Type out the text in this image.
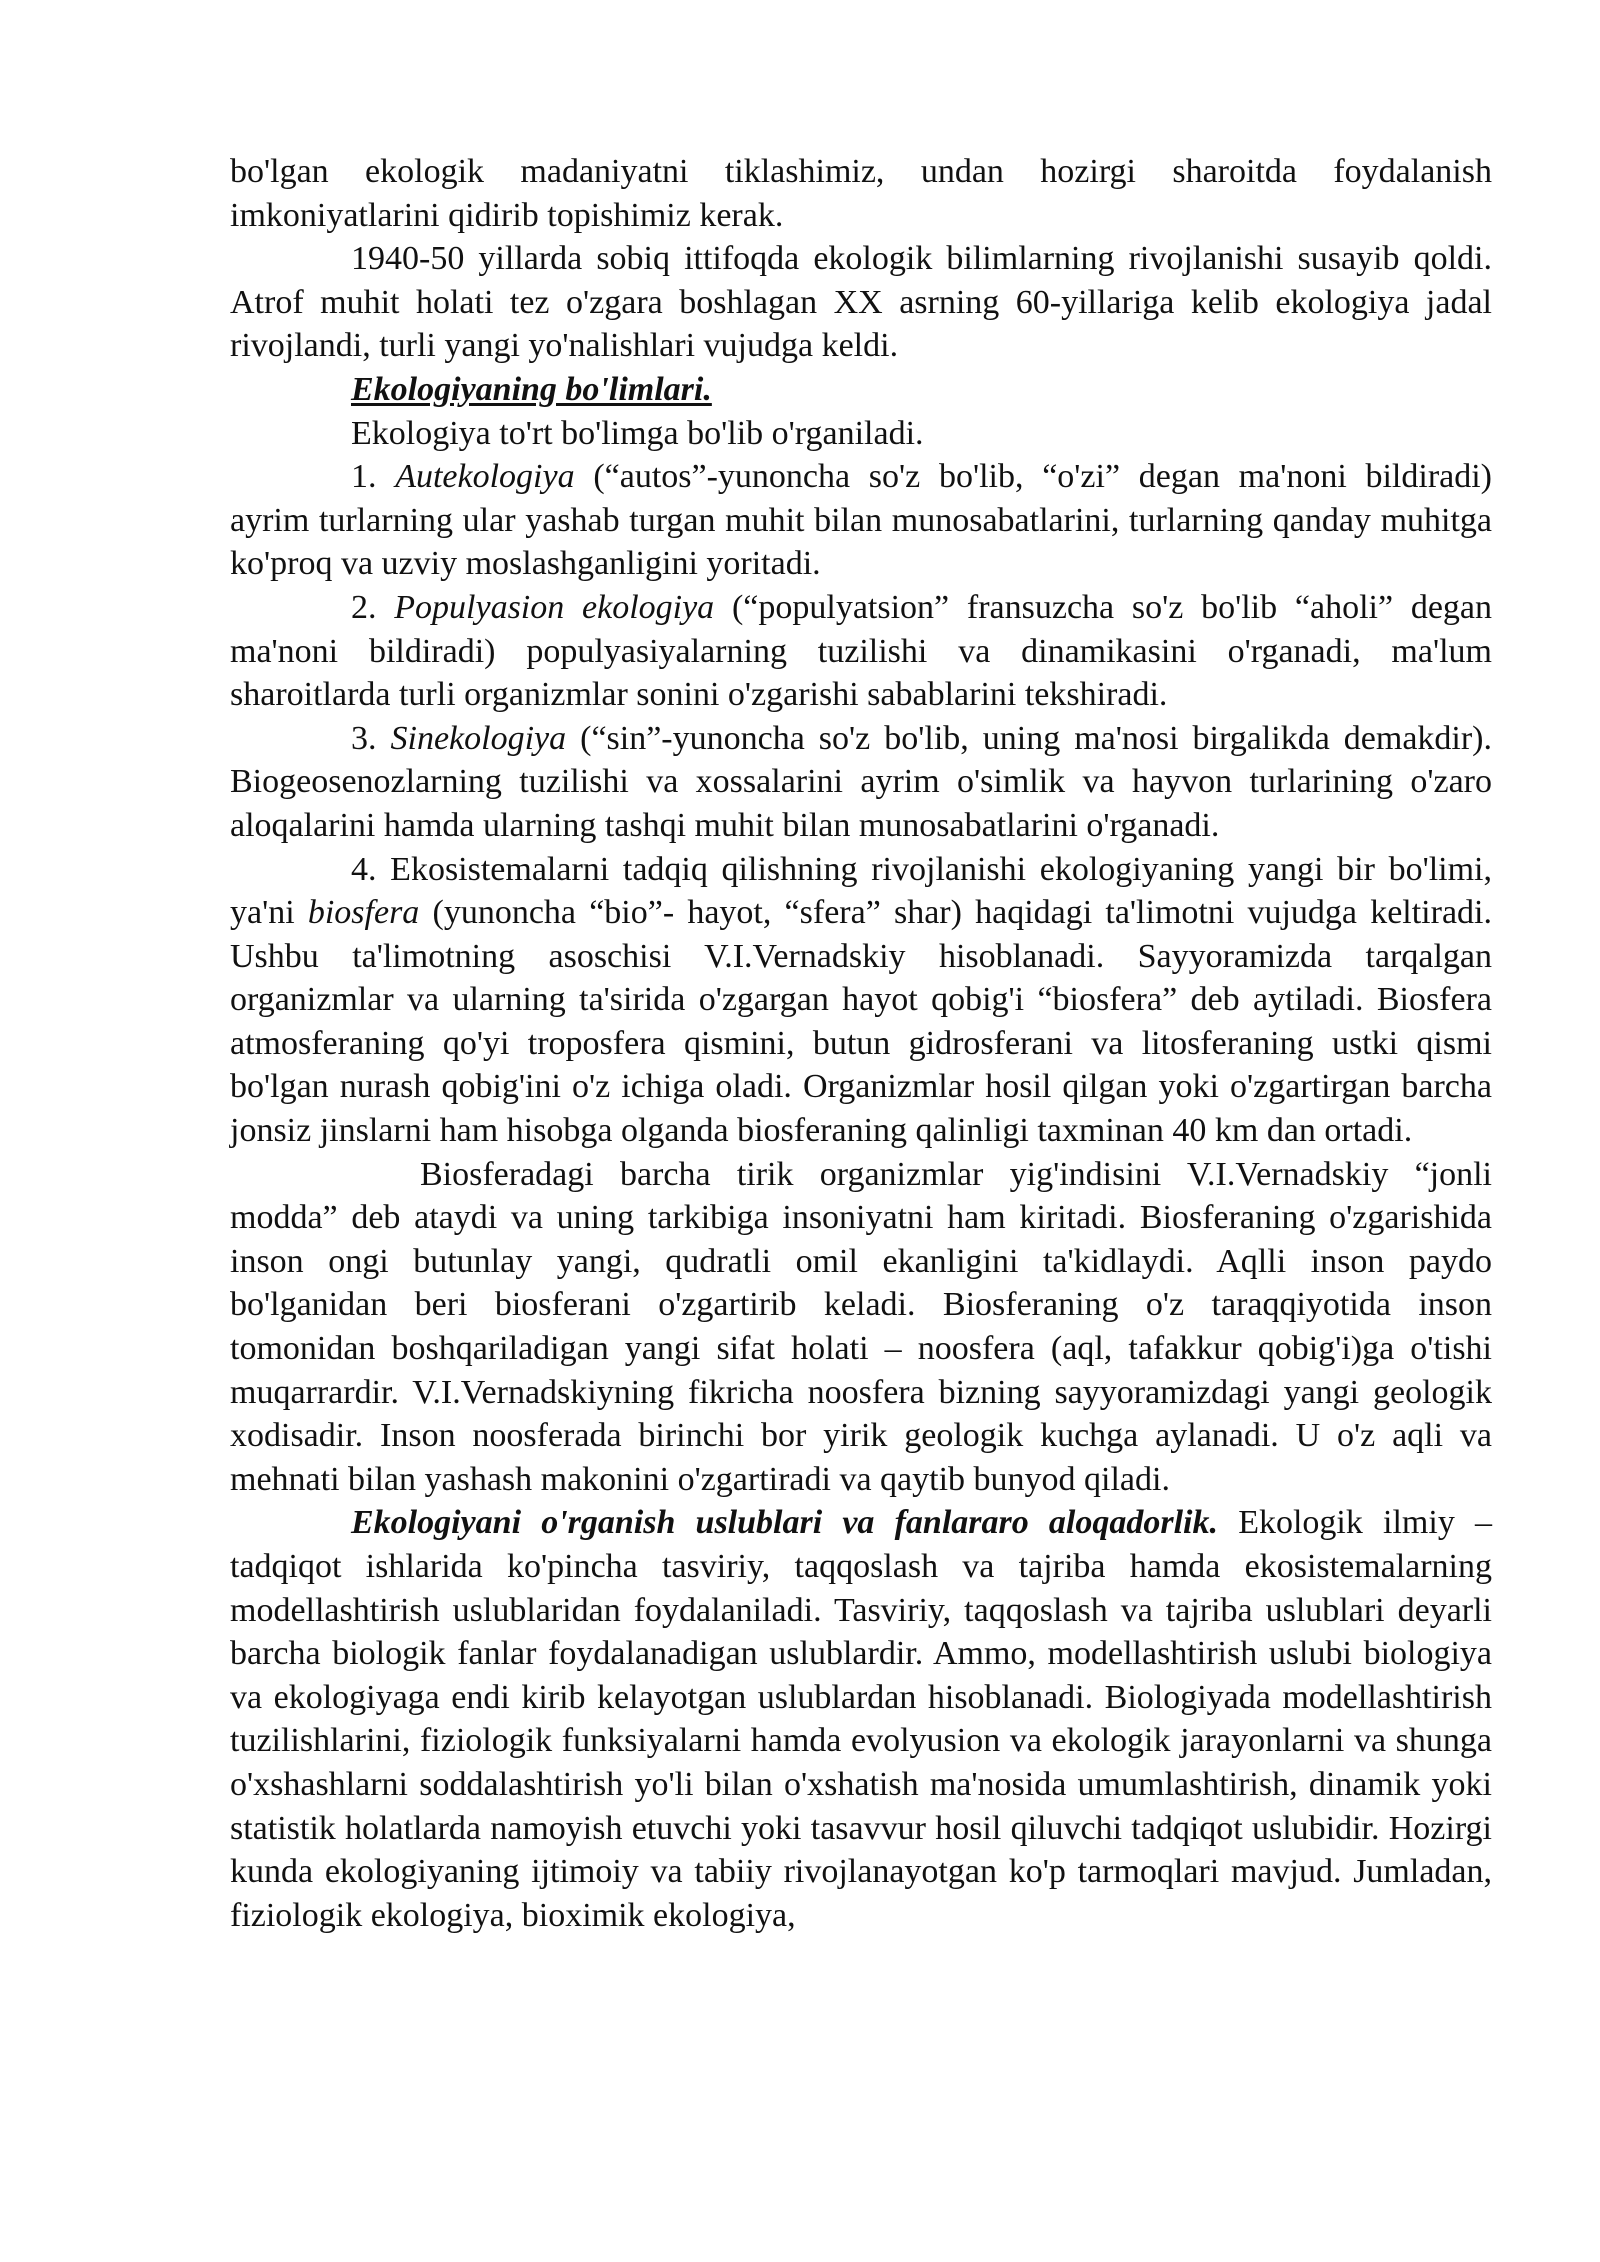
bo'lgan ekologik madaniyatni tiklashimiz, undan hozirgi sharoitda foydalanish imkoniyatlarini qidirib topishimiz kerak.

1940-50 yillarda sobiq ittifoqda ekologik bilimlarning rivojlanishi susayib qoldi. Atrof muhit holati tez o'zgara boshlagan XX asrning 60-yillariga kelib ekologiya jadal rivojlandi, turli yangi yo'nalishlari vujudga keldi.

Ekologiyaning bo'limlari.

Ekologiya to'rt bo'limga bo'lib o'rganiladi.

1. Autekologiya (“autos”-yunoncha so'z bo'lib, “o'zi” degan ma'noni bildiradi) ayrim turlarning ular yashab turgan muhit bilan munosabatlarini, turlarning qanday muhitga ko'proq va uzviy moslashganligini yoritadi.

2. Populyasion ekologiya (“populyatsion” fransuzcha so'z bo'lib “aholi” degan ma'noni bildiradi) populyasiyalarning tuzilishi va dinamikasini o'rganadi, ma'lum sharoitlarda turli organizmlar sonini o'zgarishi sabablarini tekshiradi.

3. Sinekologiya (“sin”-yunoncha so'z bo'lib, uning ma'nosi birgalikda demakdir). Biogeosenozlarning tuzilishi va xossalarini ayrim o'simlik va hayvon turlarining o'zaro aloqalarini hamda ularning tashqi muhit bilan munosabatlarini o'rganadi.

4. Ekosistemalarni tadqiq qilishning rivojlanishi ekologiyaning yangi bir bo'limi, ya'ni biosfera (yunoncha “bio”- hayot, “sfera” shar) haqidagi ta'limotni vujudga keltiradi. Ushbu ta'limotning asoschisi V.I.Vernadskiy hisoblanadi. Sayyoramizda tarqalgan organizmlar va ularning ta'sirida o'zgargan hayot qobig'i “biosfera” deb aytiladi. Biosfera atmosferaning qo'yi troposfera qismini, butun gidrosferani va litosferaning ustki qismi bo'lgan nurash qobig'ini o'z ichiga oladi. Organizmlar hosil qilgan yoki o'zgartirgan barcha jonsiz jinslarni ham hisobga olganda biosferaning qalinligi taxminan 40 km dan ortadi.

Biosferadagi barcha tirik organizmlar yig'indisini V.I.Vernadskiy “jonli modda” deb ataydi va uning tarkibiga insoniyatni ham kiritadi. Biosferaning o'zgarishida inson ongi butunlay yangi, qudratli omil ekanligini ta'kidlaydi. Aqlli inson paydo bo'lganidan beri biosferani o'zgartirib keladi. Biosferaning o'z taraqqiyotida inson tomonidan boshqariladigan yangi sifat holati – noosfera (aql, tafakkur qobig'i)ga o'tishi muqarrardir. V.I.Vernadskiyning fikricha noosfera bizning sayyoramizdagi yangi geologik xodisadir. Inson noosferada birinchi bor yirik geologik kuchga aylanadi. U o'z aqli va mehnati bilan yashash makonini o'zgartiradi va qaytib bunyod qiladi.

Ekologiyani o'rganish uslublari va fanlararo aloqadorlik. Ekologik ilmiy – tadqiqot ishlarida ko'pincha tasviriy, taqqoslash va tajriba hamda ekosistemalarning modellashtirish uslublaridan foydalaniladi. Tasviriy, taqqoslash va tajriba uslublari deyarli barcha biologik fanlar foydalanadigan uslublardir. Ammo, modellashtirish uslubi biologiya va ekologiyaga endi kirib kelayotgan uslublardan hisoblanadi. Biologiyada modellashtirish tuzilishlarini, fiziologik funksiyalarni hamda evolyusion va ekologik jarayonlarni va shunga o'xshashlarni soddalashtirish yo'li bilan o'xshatish ma'nosida umumlashtirish, dinamik yoki statistik holatlarda namoyish etuvchi yoki tasavvur hosil qiluvchi tadqiqot uslubidir. Hozirgi kunda ekologiyaning ijtimoiy va tabiiy rivojlanayotgan ko'p tarmoqlari mavjud. Jumladan, fiziologik ekologiya, bioximik ekologiya,
